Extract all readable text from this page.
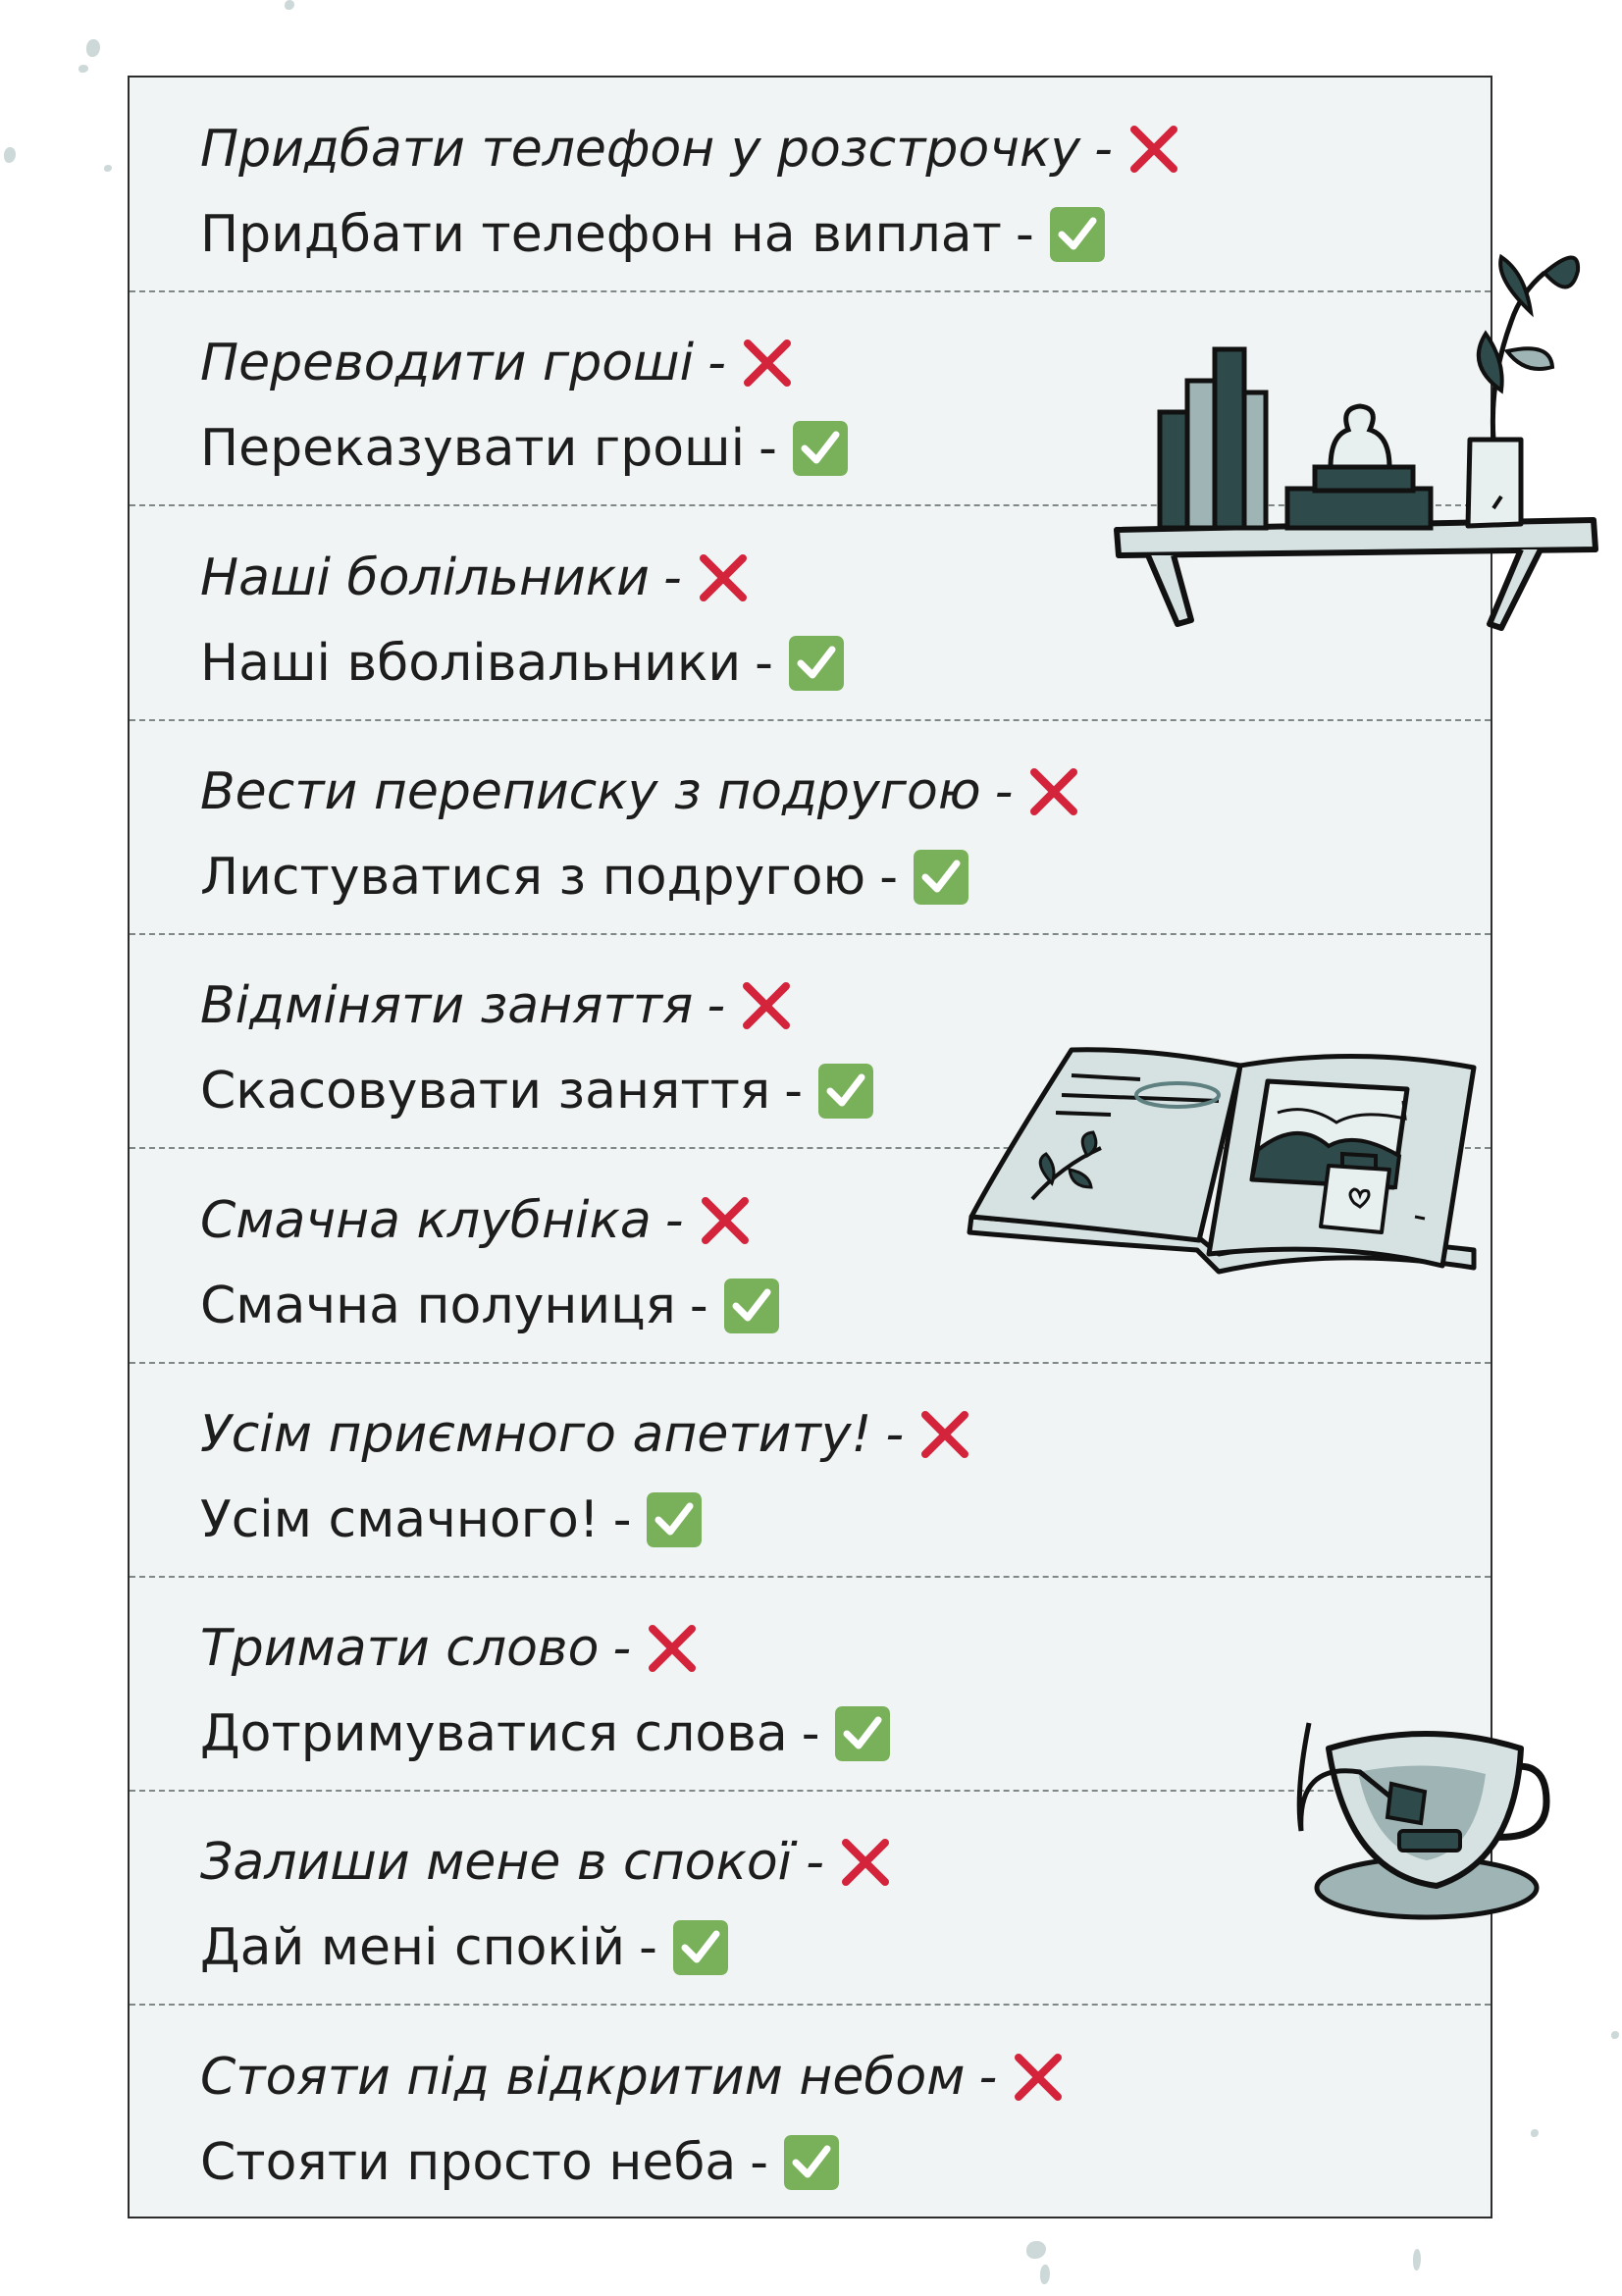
Придбати телефон у розстрочку -
Придбати телефон на виплат -
Переводити гроші -
Переказувати гроші -
Наші болільники -
Наші вболівальники -
Вести переписку з подругою -
Листуватися з подругою -
Відміняти заняття -
Скасовувати заняття -
Смачна клубніка -
Смачна полуниця -
Усім приємного апетиту! -
Усім смачного! -
Тримати слово -
Дотримуватися слова -
Залиши мене в спокої -
Дай мені спокій -
Стояти під відкритим небом -
Стояти просто неба -
